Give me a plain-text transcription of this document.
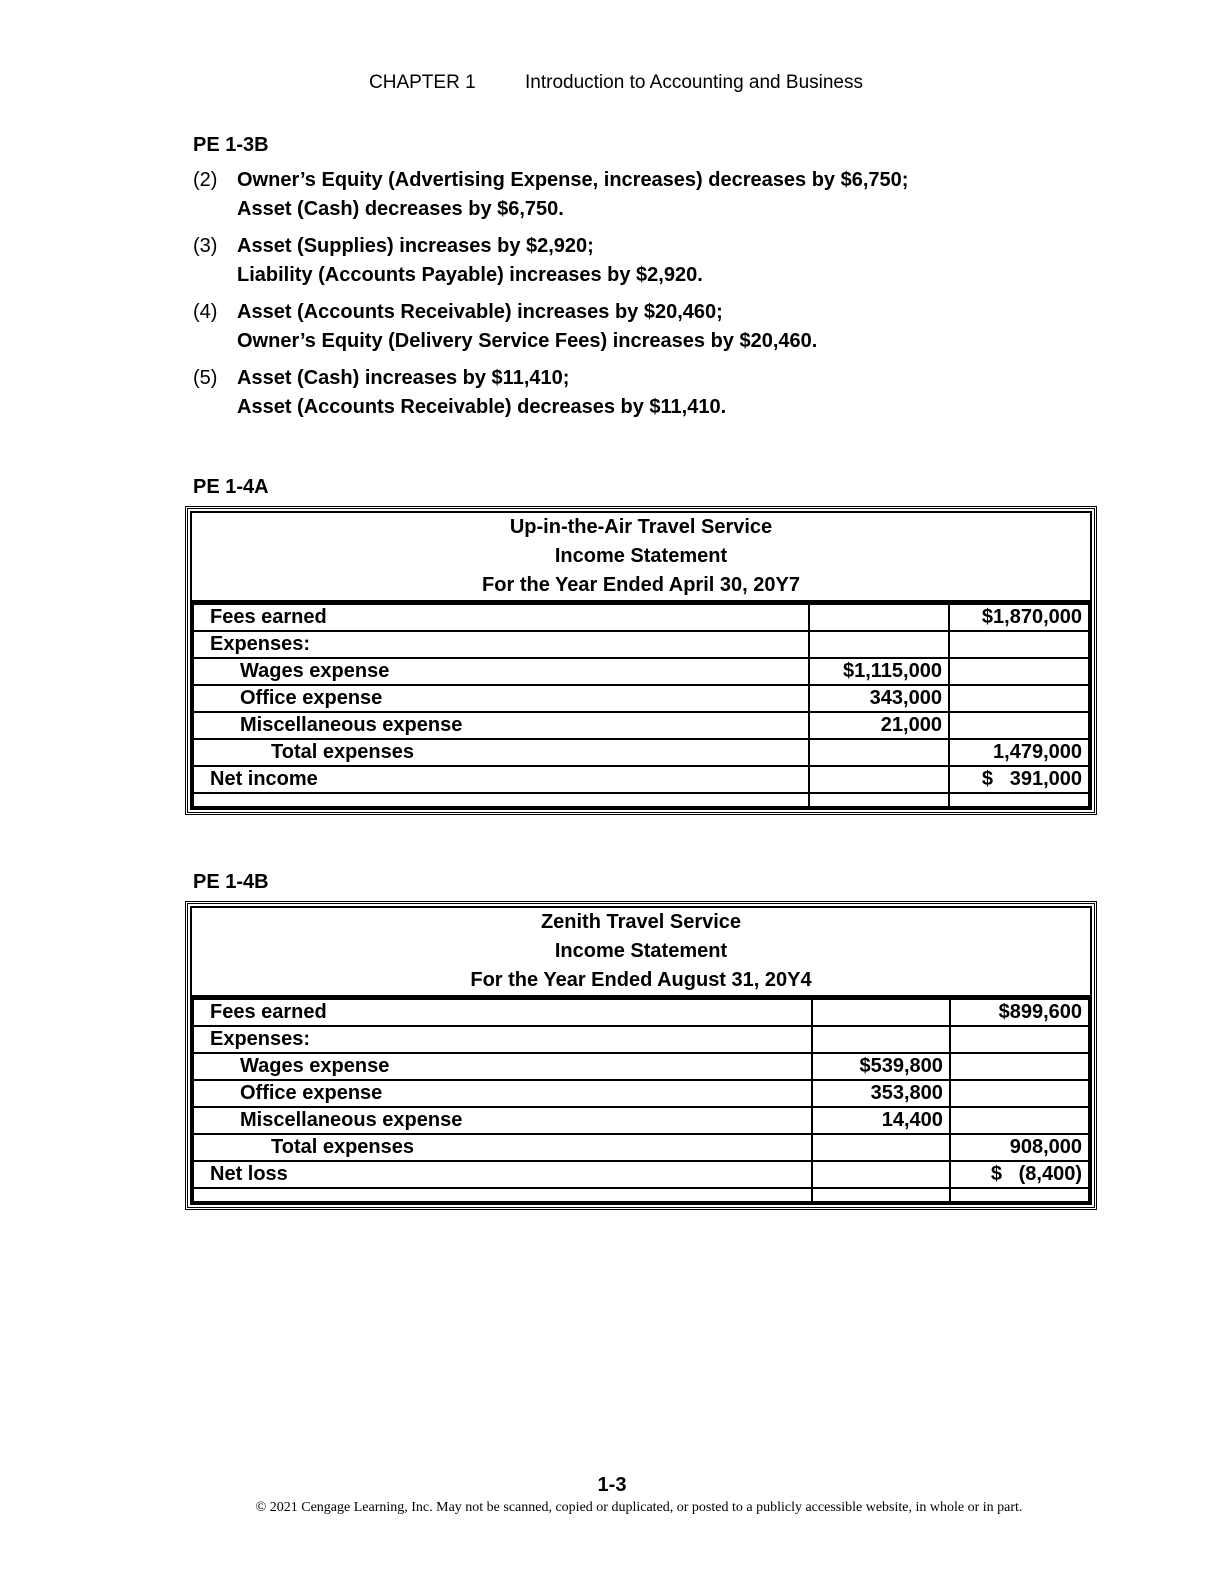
CHAPTER 1	Introduction to Accounting and Business
PE 1-3B
(2) Owner’s Equity (Advertising Expense, increases) decreases by $6,750;
Asset (Cash) decreases by $6,750.
(3) Asset (Supplies) increases by $2,920;
Liability (Accounts Payable) increases by $2,920.
(4) Asset (Accounts Receivable) increases by $20,460;
Owner’s Equity (Delivery Service Fees) increases by $20,460.
(5) Asset (Cash) increases by $11,410;
Asset (Accounts Receivable) decreases by $11,410.
PE 1-4A
Up-in-the-Air Travel Service
Income Statement
For the Year Ended April 30, 20Y7
Fees earned		$1,870,000
Expenses:		
Wages expense	$1,115,000	
Office expense	343,000	
Miscellaneous expense	21,000	
Total expenses		1,479,000
Net income		$   391,000

PE 1-4B
Zenith Travel Service
Income Statement
For the Year Ended August 31, 20Y4
Fees earned		$899,600
Expenses:		
Wages expense	$539,800	
Office expense	353,800	
Miscellaneous expense	14,400	
Total expenses		908,000
Net loss		$   (8,400)

1-3
© 2021 Cengage Learning, Inc. May not be scanned, copied or duplicated, or posted to a publicly accessible website, in whole or in part.
